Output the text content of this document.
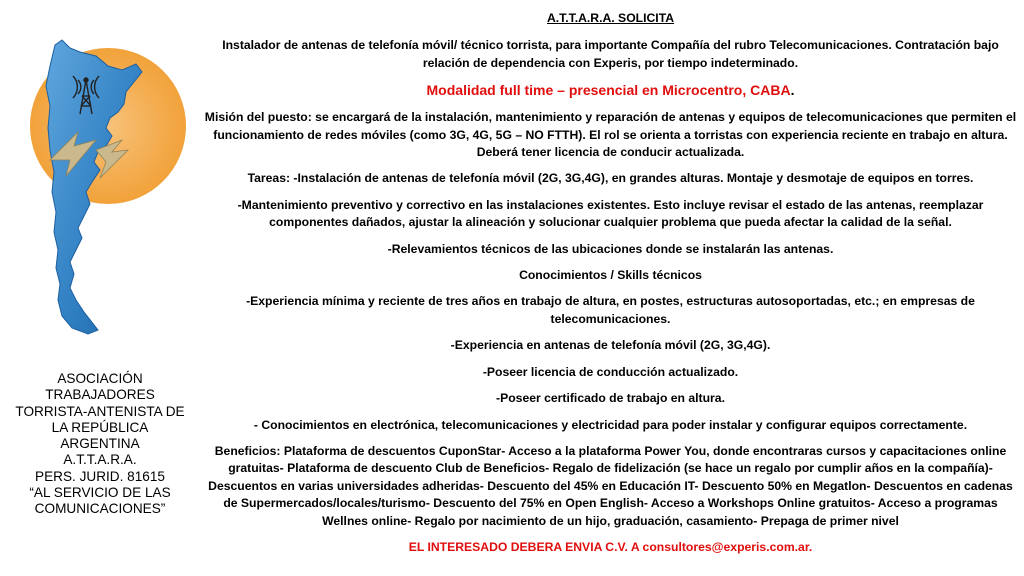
ASOCIACIÓN
TRABAJADORES
TORRISTA-ANTENISTA DE
LA REPÚBLICA
ARGENTINA
A.T.T.A.R.A.
PERS. JURID. 81615
“AL SERVICIO DE LAS
COMUNICACIONES”

A.T.T.A.R.A. SOLICITA

Instalador de antenas de telefonía móvil/ técnico torrista, para importante Compañía del rubro Telecomunicaciones. Contratación bajo relación de dependencia con Experis, por tiempo indeterminado.

Modalidad full time – presencial en Microcentro, CABA.

Misión del puesto: se encargará de la instalación, mantenimiento y reparación de antenas y equipos de telecomunicaciones que permiten el funcionamiento de redes móviles (como 3G, 4G, 5G – NO FTTH). El rol se orienta a torristas con experiencia reciente en trabajo en altura. Deberá tener licencia de conducir actualizada.

Tareas: -Instalación de antenas de telefonía móvil (2G, 3G,4G), en grandes alturas. Montaje y desmotaje de equipos en torres.

-Mantenimiento preventivo y correctivo en las instalaciones existentes. Esto incluye revisar el estado de las antenas, reemplazar componentes dañados, ajustar la alineación y solucionar cualquier problema que pueda afectar la calidad de la señal.

-Relevamientos técnicos de las ubicaciones donde se instalarán las antenas.

Conocimientos / Skills técnicos

-Experiencia mínima y reciente de tres años en trabajo de altura, en postes, estructuras autosoportadas, etc.; en empresas de telecomunicaciones.

-Experiencia en antenas de telefonía móvil (2G, 3G,4G).

-Poseer licencia de conducción actualizado.

-Poseer certificado de trabajo en altura.

- Conocimientos en electrónica, telecomunicaciones y electricidad para poder instalar y configurar equipos correctamente.

Beneficios: Plataforma de descuentos CuponStar- Acceso a la plataforma Power You, donde encontraras cursos y capacitaciones online gratuitas- Plataforma de descuento Club de Beneficios- Regalo de fidelización (se hace un regalo por cumplir años en la compañía)- Descuentos en varias universidades adheridas- Descuento del 45% en Educación IT- Descuento 50% en Megatlon- Descuentos en cadenas de Supermercados/locales/turismo- Descuento del 75% en Open English- Acceso a Workshops Online gratuitos- Acceso a programas Wellnes online- Regalo por nacimiento de un hijo, graduación, casamiento- Prepaga de primer nivel

EL INTERESADO DEBERA ENVIA C.V. A consultores@experis.com.ar.
